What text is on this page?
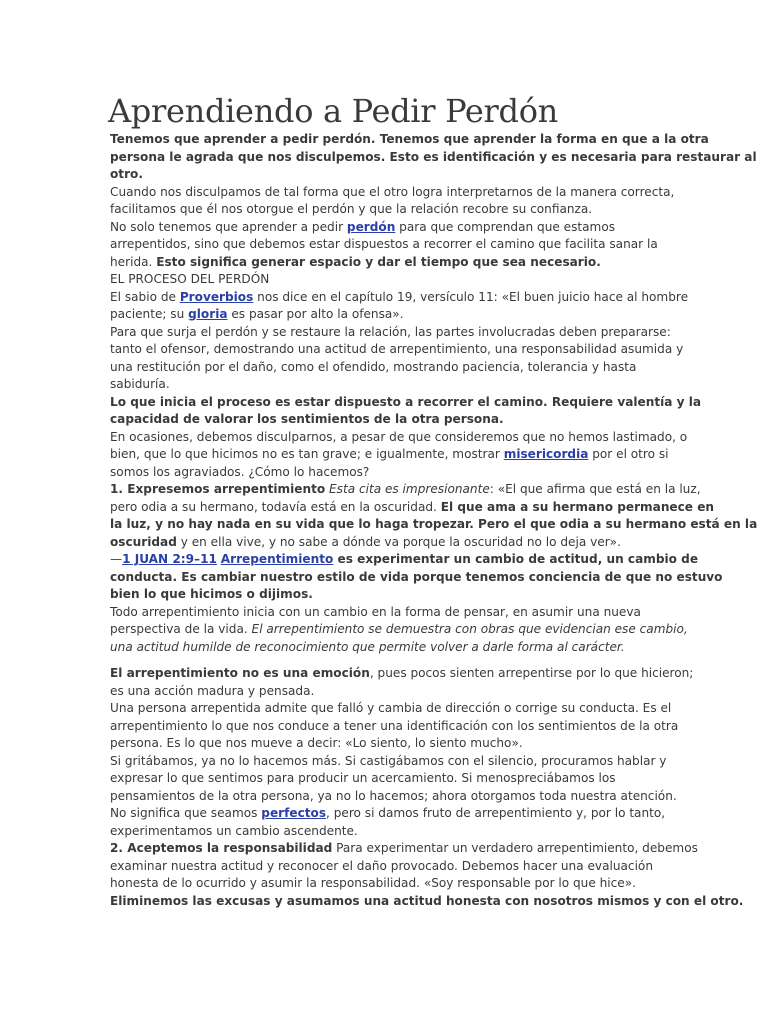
Aprendiendo a Pedir Perdón

Tenemos que aprender a pedir perdón. Tenemos que aprender la forma en que a la otra

persona le agrada que nos disculpemos. Esto es identificación y es necesaria para restaurar al

otro.

Cuando nos disculpamos de tal forma que el otro logra interpretarnos de la manera correcta,

facilitamos que él nos otorgue el perdón y que la relación recobre su confianza.

No solo tenemos que aprender a pedir perdón para que comprendan que estamos

arrepentidos, sino que debemos estar dispuestos a recorrer el camino que facilita sanar la

herida. Esto significa generar espacio y dar el tiempo que sea necesario.

EL PROCESO DEL PERDÓN

El sabio de Proverbios nos dice en el capítulo 19, versículo 11: «El buen juicio hace al hombre

paciente; su gloria es pasar por alto la ofensa».

Para que surja el perdón y se restaure la relación, las partes involucradas deben prepararse:

tanto el ofensor, demostrando una actitud de arrepentimiento, una responsabilidad asumida y

una restitución por el daño, como el ofendido, mostrando paciencia, tolerancia y hasta

sabiduría.

Lo que inicia el proceso es estar dispuesto a recorrer el camino. Requiere valentía y la

capacidad de valorar los sentimientos de la otra persona.

En ocasiones, debemos disculparnos, a pesar de que consideremos que no hemos lastimado, o

bien, que lo que hicimos no es tan grave; e igualmente, mostrar misericordia por el otro si

somos los agraviados. ¿Cómo lo hacemos?

1. Expresemos arrepentimiento Esta cita es impresionante: «El que afirma que está en la luz,

pero odia a su hermano, todavía está en la oscuridad. El que ama a su hermano permanece en

la luz, y no hay nada en su vida que lo haga tropezar. Pero el que odia a su hermano está en la

oscuridad y en ella vive, y no sabe a dónde va porque la oscuridad no lo deja ver».

—1 JUAN 2:9–11 Arrepentimiento es experimentar un cambio de actitud, un cambio de

conducta. Es cambiar nuestro estilo de vida porque tenemos conciencia de que no estuvo

bien lo que hicimos o dijimos.

Todo arrepentimiento inicia con un cambio en la forma de pensar, en asumir una nueva

perspectiva de la vida. El arrepentimiento se demuestra con obras que evidencian ese cambio,

una actitud humilde de reconocimiento que permite volver a darle forma al carácter.

El arrepentimiento no es una emoción, pues pocos sienten arrepentirse por lo que hicieron;

es una acción madura y pensada.

Una persona arrepentida admite que falló y cambia de dirección o corrige su conducta. Es el

arrepentimiento lo que nos conduce a tener una identificación con los sentimientos de la otra

persona. Es lo que nos mueve a decir: «Lo siento, lo siento mucho».

Si gritábamos, ya no lo hacemos más. Si castigábamos con el silencio, procuramos hablar y

expresar lo que sentimos para producir un acercamiento. Si menospreciábamos los

pensamientos de la otra persona, ya no lo hacemos; ahora otorgamos toda nuestra atención.

No significa que seamos perfectos, pero si damos fruto de arrepentimiento y, por lo tanto,

experimentamos un cambio ascendente.

2. Aceptemos la responsabilidad Para experimentar un verdadero arrepentimiento, debemos

examinar nuestra actitud y reconocer el daño provocado. Debemos hacer una evaluación

honesta de lo ocurrido y asumir la responsabilidad. «Soy responsable por lo que hice».

Eliminemos las excusas y asumamos una actitud honesta con nosotros mismos y con el otro.
